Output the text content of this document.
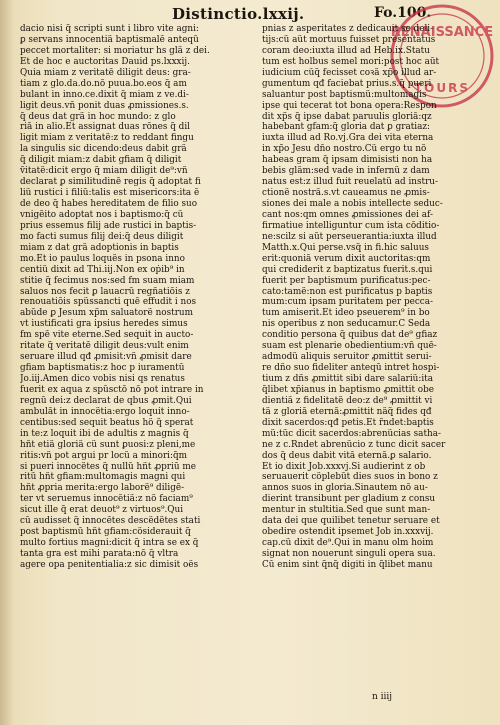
Distinctio.lxxij.	Fo.100.
RENAISSANCE
TOURS
dacio nisi q̃ scripti sunt i libro vite agni:
ꝑ servans innocentiã baptismalẽ anteqũ
peccet mortaliter: si moriatur hs glã z dei.
Et de hoc e auctoritas Dauid ps.lxxxij.
Quia miam z veritatẽ diligit deus: gra-
tiam z glo.da.do.nõ puua.bo.eos q̃ am
bulant in inno.ce.dixit q̃ miam z ve.di-
ligit deus.vñ ponit duas ꝓmissiones.s.
q̃ deus dat grã in hoc mundo: z glo
riã in alio.Et assignat duas rõnes q̃ dil
ligit miam z veritatẽ:z to reddant fingu
la singulis sic dicendo:deus dabit grã
q̃ diligit miam:z dabit gfiam q̃ diligit
ṽitatẽ:dicit ergo q̃ miam diligit de⁹:vñ
declarat ꝑ similitudinẽ regis q̃ adoptat fi
liũ rustici i filiũ:talis est misericors:ita ẽ
de deo q̃ habes hereditatem de filio suo
vnigẽito adoptat nos i baptismo:q̃ cũ
prius essemus filij ade rustici in baptis-
mo facti sumus filij dei:q̃ deus diligit
miam z dat grã adoptionis in baptis
mo.Et io paulus loquẽs in psona inno
centiũ dixit ad Thi.iij.Non ex oṗib⁹ in
stitie q̃ fecimus nos:sed fm suam miam
saluos nos fecit ꝑ lauacrũ regñatiõis z
renouatiõis spũssancti quẽ effudit i nos
abũde ꝑ Jesum xp̃m saluatorẽ nostrum
vt iustificati gra ipsius heredes simus
fm spẽ vite eterne.Sed sequit in aucto-
ritate q̃ veritatẽ diligit deus:vult enim
seruare illud qđ ꝓmisit:vñ ꝓmisit dare
gfiam baptismatis:z hoc p iuramentũ
Jo.iij.Amen dico vobis nisi qs renatus
fuerit ex aqua z spũsctõ nõ pot intrare in
regnũ dei:z declarat de qbus ꝓmit.Qui
ambulãt in innocẽtia:ergo loquit inno-
centibus:sed sequit beatus hõ q̃ sperat
in te:z loquit ibi de adultis z magnis q̃
hñt etiã gloriã cũ sunt ꝑuosi:z pleni,me
ritis:vñ pot argui pr locũ a minori:q̃m
si pueri innocẽtes q̃ nullũ hñt ꝓpriũ me
ritũ hñt gfiam:multomagis magni qui
hñt ꝓpria merita:ergo laborẽ⁹ diligẽ-
ter vt seruemus innocẽtiã:z nõ faciam⁹
sicut ille q̃ erat deuot⁹ z virtuos⁹.Qui
cũ audisset q̃ innocẽtes descẽdẽtes stati
post baptismũ hñt gfiam:cõsiderauit q̃
multo fortius magni:dicit q̃ intra se ex q̃
tanta gra est mihi parata:nõ q̃ vltra
agere opa penitentialia:z sic dimisit oẽs
pnias z asperitates z dedicauit se deli-
tijs:cũ aũt mortuus fuisset presentatus
coram deo:iuxta illud ad Heb.ix.Statu
tum est holbus semel mori:post hoc aũt
iudicium cũq̃ fecisset coꝛã xp̃o illud ar-
gumentum qđ faciebat prius.s.q̃ pueri
saluantur post baptismũ:multomagis
ipse qui tecerat tot bona opera:Respon
dit xp̃s q̃ ipse dabat paruulis gloriã:qz
habebant gfam:q̃ gloria dat ꝑ gratiaz:
iuxta illud ad Ro.vj.Gra dei vita eterna
in xp̃o Jesu dño nostro.Cũ ergo tu nõ
habeas gram q̃ ipsam dimisisti non ha
bebis glãm:sed vade in infernũ z dam
natus est:z illud fuit reuelatũ ad instru-
ctionẽ nostrã.s.vt caueamus ne ꝓmis-
siones dei male a nobis intellecte seduc-
cant nos:qm omnes ꝓmissiones dei af-
firmatiue intelliguntur cum ista cõditio-
ne:scilz si aũt perseuerantia:iuxta illud
Matth.x.Qui perse.vsq̃ in fi.hic saluus
erit:quoniã verum dixit auctoritas:qm
qui crediderit z baptizatus fuerit.s.qui
fuerit per baptismum purificatus:pec-
cato:tamẽ:non est purificatus p baptis
mum:cum ipsam puritatem per pecca-
tum amiserit.Et ideo pseuerem⁹ in bo
nis operibus z non seducamur.C Seda
conditio persona q̃ quibus dat de⁹ gfiaz
suam est plenarie obedientium:vñ quẽ-
admodũ aliquis seruitor ꝓmittit serui-
re dño suo fideliter anteqũ intret hospi-
tium z dñs ꝓmittit sibi dare salariũ:ita
q̃libet xp̃ianus in baptismo ꝓmittit obe
dientiã z fidelitatẽ deo:z de⁹ ꝓmittit vi
tã z gloriã eternã:ꝓmittit nãq̃ fides qđ
dixit sacerdos:qđ petis.Et r̃ndet:baptis
mũ:tũc dicit sacerdos:abrenũcias satha-
ne z c.R̃ndet abrenũcio z tunc dicit sacer
dos q̃ deus dabit vitã eternã.ꝑ salario.
Et io dixit Job.xxxvj.Si audierint z ob
seruauerit cõplebũt dies suos in bono z
annos suos in gloria.Sinautem nõ au-
dierint transibunt per gladium z consu
mentur in stultitia.Sed que sunt man-
data dei que quilibet tenetur seruare et
obedire ostendit ipsemet Job in.xxxvij.
cap.cũ dixit de⁹.Qui in manu olm hoim
signat non nouerunt singuli opera sua.
Cũ enim sint q̃nq̃ digiti in q̃libet manu
n iiij
